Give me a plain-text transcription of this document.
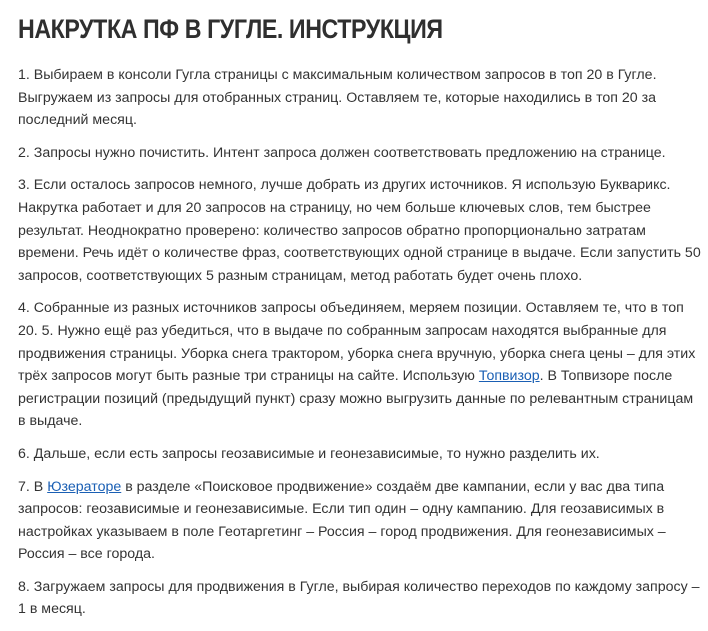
НАКРУТКА ПФ В ГУГЛЕ. ИНСТРУКЦИЯ

1. Выбираем в консоли Гугла страницы с максимальным количеством запросов в топ 20 в Гугле. Выгружаем из запросы для отобранных страниц. Оставляем те, которые находились в топ 20 за последний месяц.

2. Запросы нужно почистить. Интент запроса должен соответствовать предложению на странице.

3. Если осталось запросов немного, лучше добрать из других источников. Я использую Букварикс. Накрутка работает и для 20 запросов на страницу, но чем больше ключевых слов, тем быстрее результат. Неоднократно проверено: количество запросов обратно пропорционально затратам времени. Речь идёт о количестве фраз, соответствующих одной странице в выдаче. Если запустить 50 запросов, соответствующих 5 разным страницам, метод работать будет очень плохо.

4. Собранные из разных источников запросы объединяем, меряем позиции. Оставляем те, что в топ 20. 5. Нужно ещё раз убедиться, что в выдаче по собранным запросам находятся выбранные для продвижения страницы. Уборка снега трактором, уборка снега вручную, уборка снега цены – для этих трёх запросов могут быть разные три страницы на сайте. Использую Топвизор. В Топвизоре после регистрации позиций (предыдущий пункт) сразу можно выгрузить данные по релевантным страницам в выдаче.

6. Дальше, если есть запросы геозависимые и геонезависимые, то нужно разделить их.

7. В Юзераторе в разделе «Поисковое продвижение» создаём две кампании, если у вас два типа запросов: геозависимые и геонезависимые. Если тип один – одну кампанию. Для геозависимых в настройках указываем в поле Геотаргетинг – Россия – город продвижения. Для геонезависимых – Россия – все города.

8. Загружаем запросы для продвижения в Гугле, выбирая количество переходов по каждому запросу – 1 в месяц.
